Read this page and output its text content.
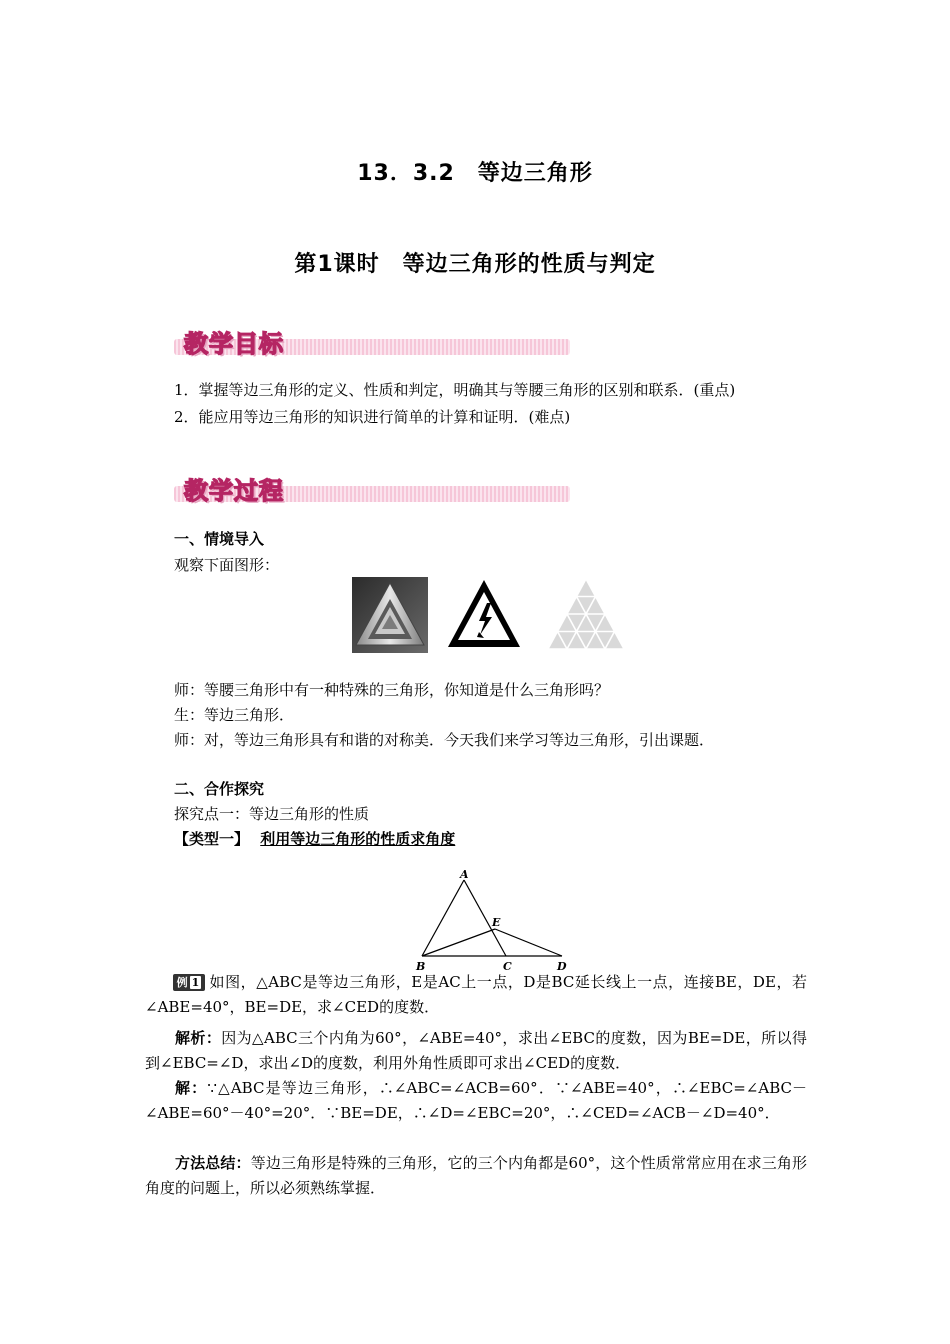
13．3.2　等边三角形
第1课时　等边三角形的性质与判定
教学目标
1．掌握等边三角形的定义、性质和判定，明确其与等腰三角形的区别和联系．(重点)
2．能应用等边三角形的知识进行简单的计算和证明．(难点)
教学过程
一、情境导入
观察下面图形：
师：等腰三角形中有一种特殊的三角形，你知道是什么三角形吗？
生：等边三角形．
师：对，等边三角形具有和谐的对称美．今天我们来学习等边三角形，引出课题．
二、合作探究
探究点一：等边三角形的性质
【类型一】 利用等边三角形的性质求角度
A
B	C	D
E
例 1 如图，△ABC是等边三角形，E是AC上一点，D是BC延长线上一点，连接BE，DE，若∠ABE=40°，BE=DE，求∠CED的度数．
解析：因为△ABC三个内角为60°，∠ABE=40°，求出∠EBC的度数，因为BE=DE，所以得到∠EBC=∠D，求出∠D的度数，利用外角性质即可求出∠CED的度数．
解：∵△ABC是等边三角形，∴∠ABC=∠ACB=60°．∵∠ABE=40°，∴∠EBC=∠ABC－∠ABE=60°－40°=20°．∵BE=DE，∴∠D=∠EBC=20°，∴∠CED=∠ACB－∠D=40°．
方法总结：等边三角形是特殊的三角形，它的三个内角都是60°，这个性质常常应用在求三角形角度的问题上，所以必须熟练掌握．
